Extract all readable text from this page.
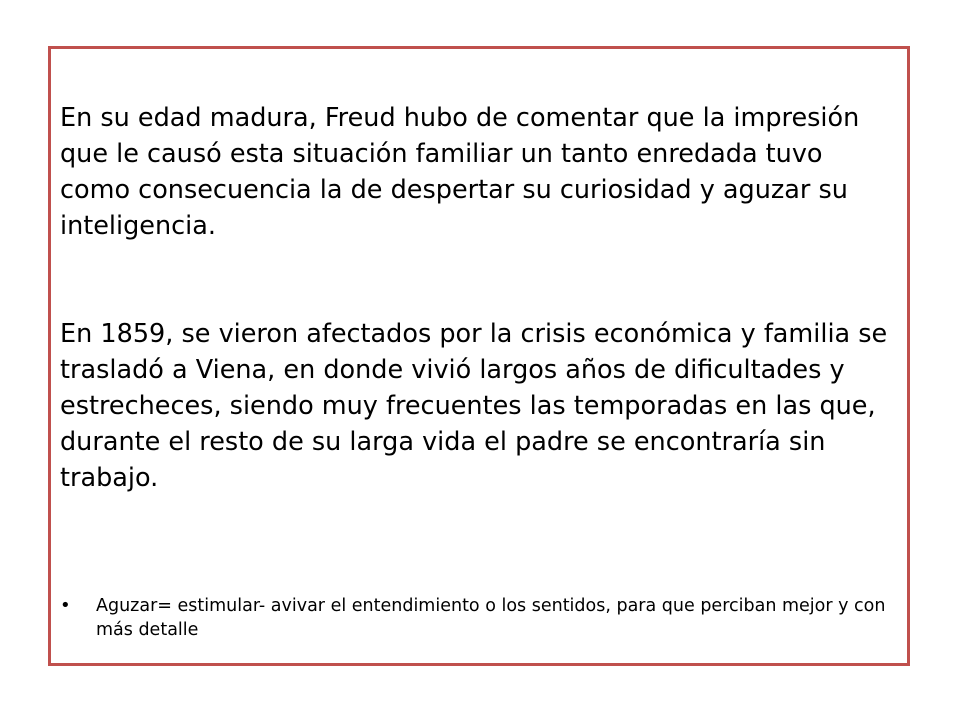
En su edad madura, Freud hubo de comentar que la impresión que le causó esta situación familiar un tanto enredada tuvo como consecuencia la de despertar su curiosidad y aguzar su inteligencia.

En 1859, se vieron afectados por la crisis económica y familia se trasladó a Viena, en donde vivió largos años de dificultades y estrecheces, siendo muy frecuentes las temporadas en las que, durante el resto de su larga vida el padre se encontraría sin trabajo.

•	Aguzar= estimular- avivar el entendimiento o los sentidos, para que perciban mejor y con más detalle
